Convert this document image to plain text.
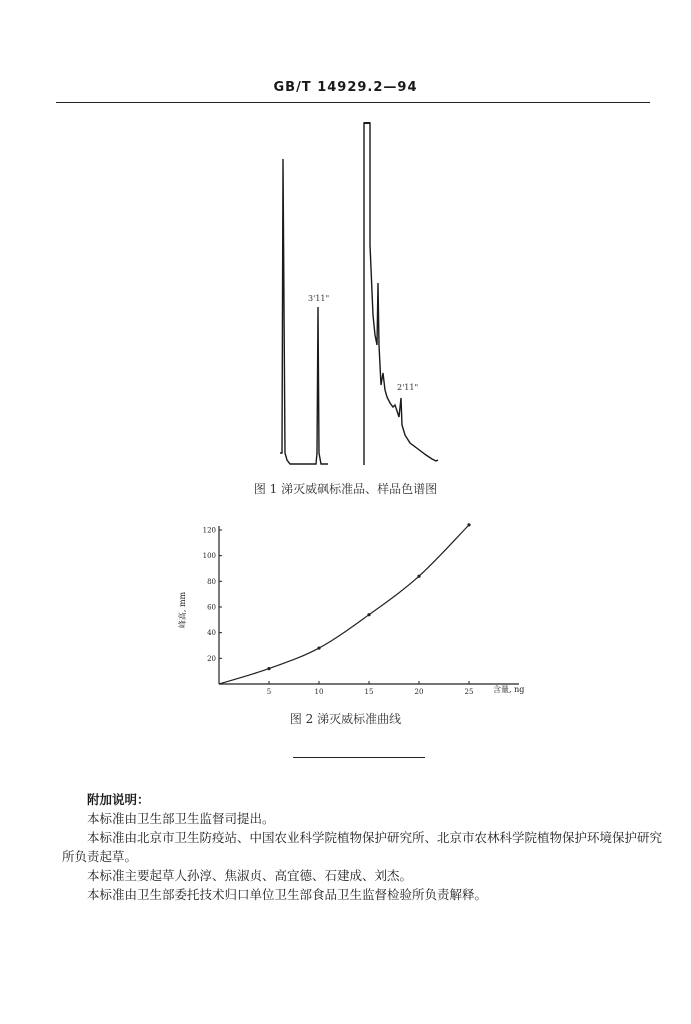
GB/T 14929.2—94
3'11"
2'11"
图 1 涕灭威砜标准品、样品色谱图
5	10	15	20	25
20
40
60
80
100
120
峰高, mm
含量, ng
图 2 涕灭威标准曲线

附加说明：

本标准由卫生部卫生监督司提出。

本标准由北京市卫生防疫站、中国农业科学院植物保护研究所、北京市农林科学院植物保护环境保护研究所负责起草。

本标准主要起草人孙淳、焦淑贞、高宜德、石建成、刘杰。

本标准由卫生部委托技术归口单位卫生部食品卫生监督检验所负责解释。
